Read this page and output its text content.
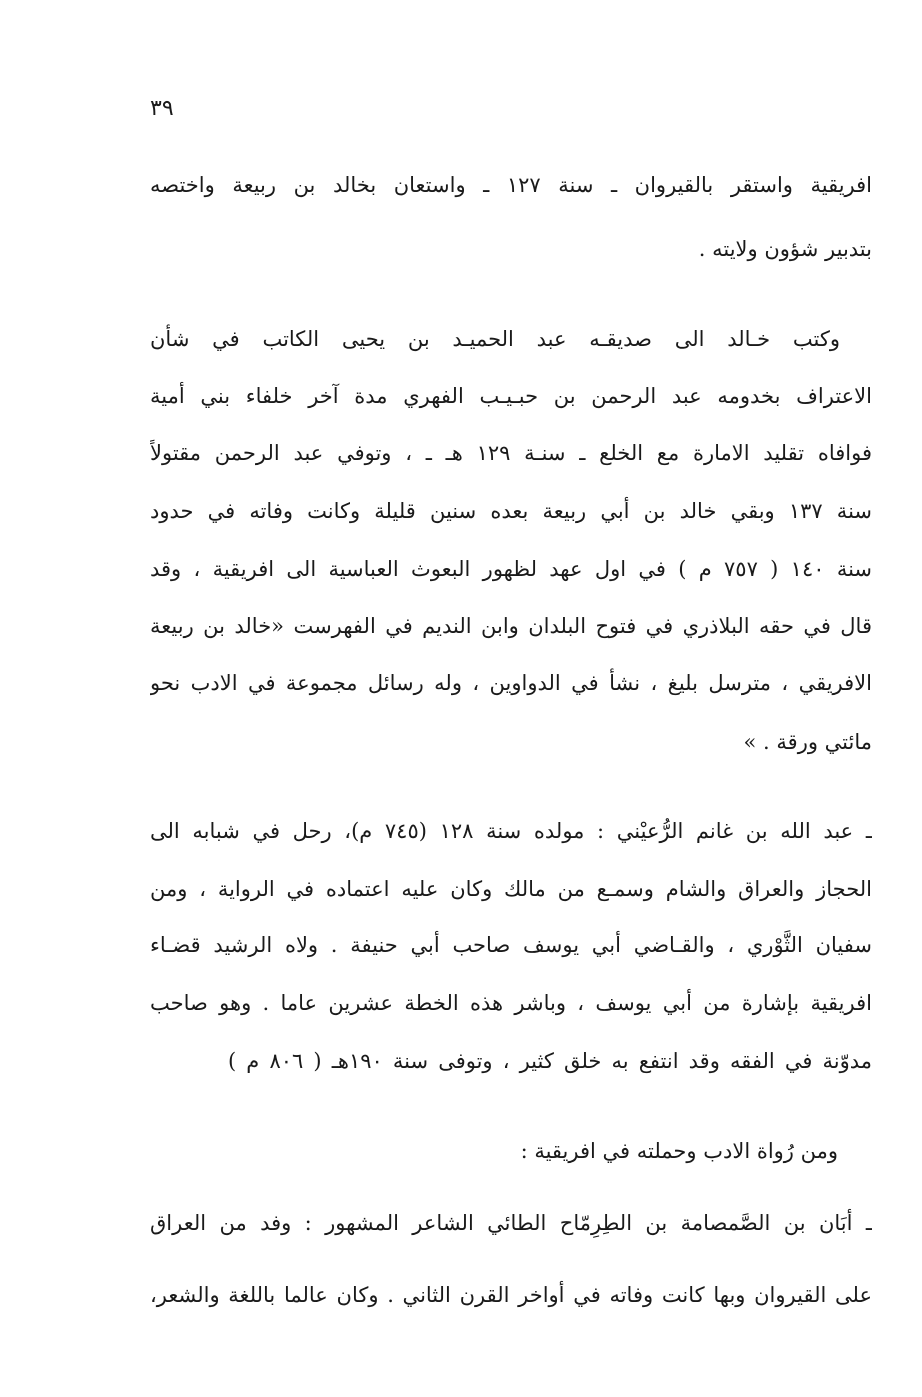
٣٩
افريقية واستقر بالقيروان ـ سنة ١٢٧ ـ واستعان بخالد بن ربيعة واختصه
بتدبير شؤون ولايته .
وكتب خـالد الى صديقـه عبد الحميـد بن يحيى الكاتب في شأن
الاعتراف بخدومه عبد الرحمن بن حبـيـب الفهري مدة آخر خلفاء بني أمية
فوافاه تقليد الامارة مع الخلع ـ سنـة ١٢٩ هـ ـ ، وتوفي عبد الرحمن مقتولاً
سنة ١٣٧ وبقي خالد بن أبي ربيعة بعده سنين قليلة وكانت وفاته في حدود
سنة ١٤٠ ( ٧٥٧ م ) في اول عهد لظهور البعوث العباسية الى افريقية ، وقد
قال في حقه البلاذري في فتوح البلدان وابن النديم في الفهرست «خالد بن ربيعة
الافريقي ، مترسل بليغ ، نشأ في الدواوين ، وله رسائل مجموعة في الادب نحو
مائتي ورقة . »
ـ عبد الله بن غانم الرُّعيْني : مولده سنة ١٢٨ (٧٤٥ م)، رحل في شبابه الى
الحجاز والعراق والشام وسمـع من مالك وكان عليه اعتماده في الرواية ، ومن
سفيان الثَّوْري ، والقـاضي أبي يوسف صاحب أبي حنيفة . ولاه الرشيد قضـاء
افريقية بإشارة من أبي يوسف ، وباشر هذه الخطة عشرين عاما . وهو صاحب
مدوّنة في الفقه وقد انتفع به خلق كثير ، وتوفى سنة ١٩٠هـ ( ٨٠٦ م )
ومن رُواة الادب وحملته في افريقية :
ـ أبَان بن الصَّمصامة بن الطِرِمّاح الطائي الشاعر المشهور : وفد من العراق
على القيروان وبها كانت وفاته في أواخر القرن الثاني . وكان عالما باللغة والشعر،
